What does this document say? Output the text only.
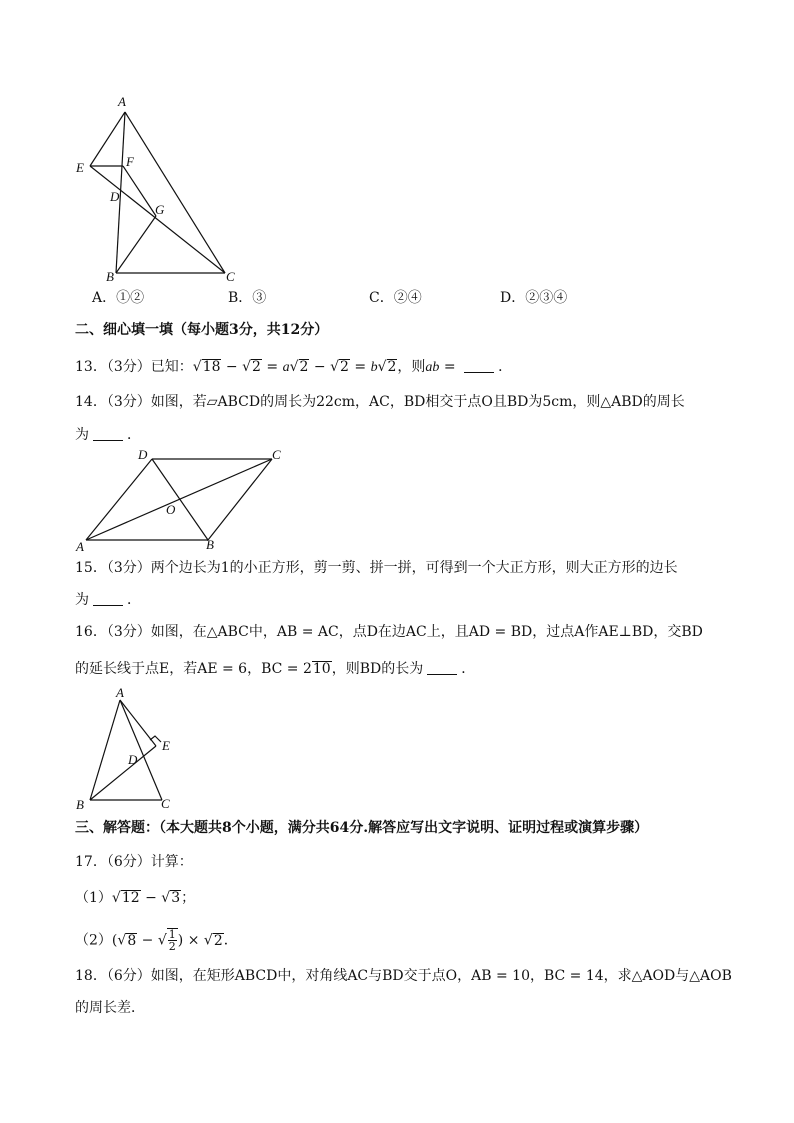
A
E	F
D
G
B	C
A．①②	B．③	C．②④	D．②③④
二、细心填一填（每小题3分，共12分）
13．（3分）已知：√18 − √2 = a√2 − √2 = b√2，则ab =	．
14．（3分）如图，若▱ABCD的周长为22cm，AC，BD相交于点O且BD为5cm，则△ABD的周长
为	．
D	C
O
A	B
15．（3分）两个边长为1的小正方形，剪一剪、拼一拼，可得到一个大正方形，则大正方形的边长
为	．
16．（3分）如图，在△ABC中，AB = AC，点D在边AC上，且AD = BD，过点A作AE⊥BD，交BD
的延长线于点E，若AE = 6，BC = 210，则BD的长为	．
A
E
D
B	C
三、解答题：（本大题共8个小题，满分共64分.解答应写出文字说明、证明过程或演算步骤）
17．（6分）计算：
（1）√12 − √3；
（2）(√8 − √ $\frac{1}{2}$ ) × √2．
18．（6分）如图，在矩形ABCD中，对角线AC与BD交于点O，AB = 10，BC = 14，求△AOD与△AOB
的周长差．
